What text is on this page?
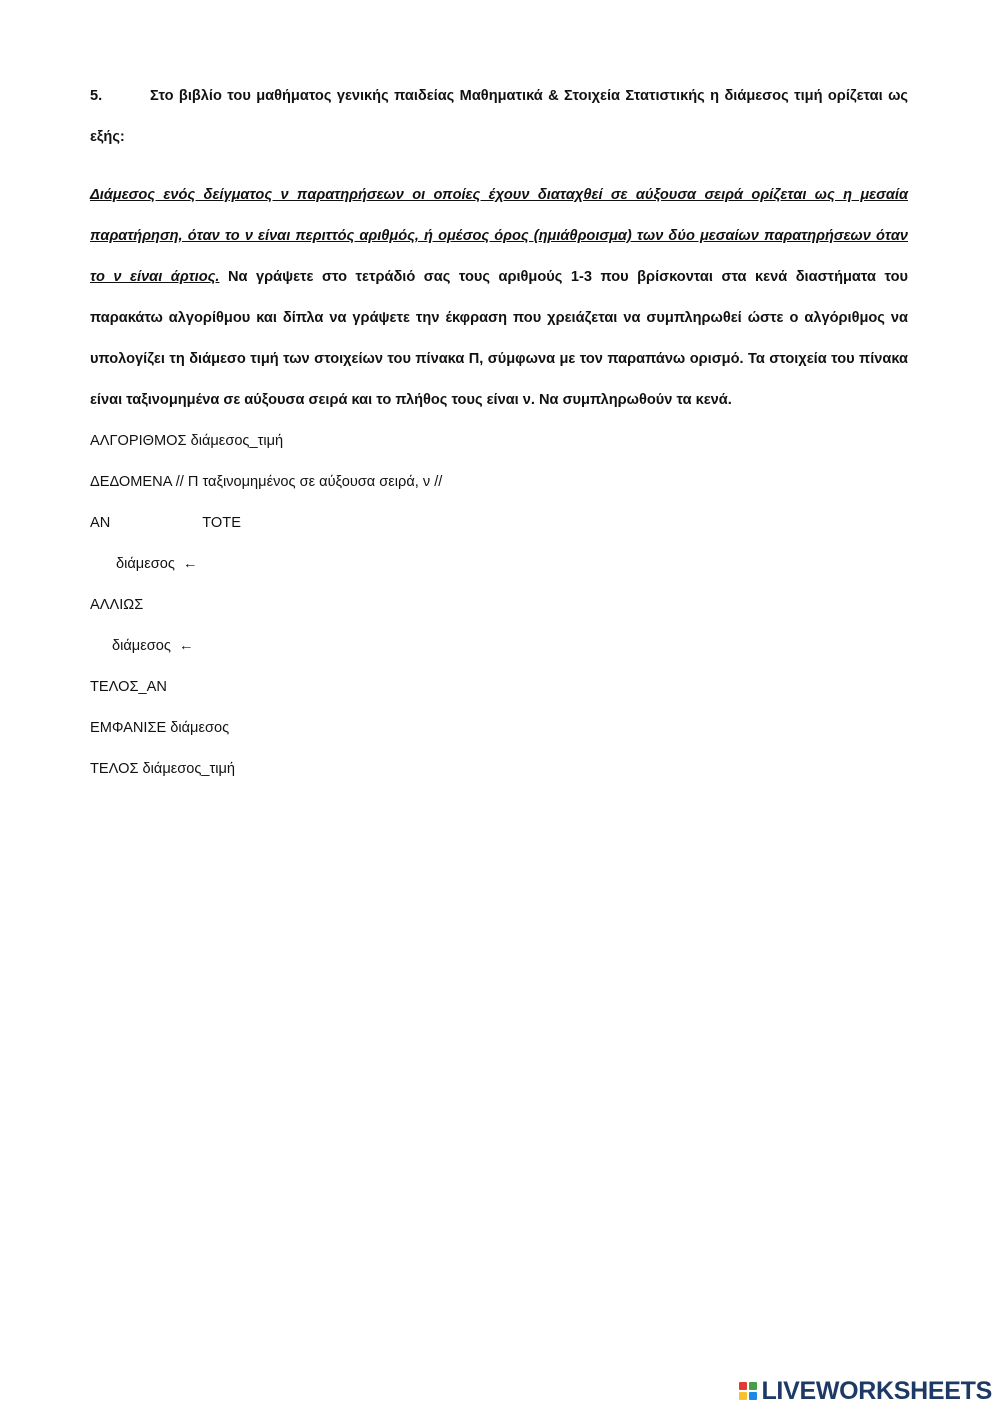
5.	Στο βιβλίο του μαθήματος γενικής παιδείας Μαθηματικά & Στοιχεία Στατιστικής η διάμεσος τιμή ορίζεται ως εξής:
Διάμεσος ενός δείγματος ν παρατηρήσεων οι οποίες έχουν διαταχθεί σε αύξουσα σειρά ορίζεται ως η μεσαία παρατήρηση, όταν το ν είναι περιττός αριθμός, ή ομέσος όρος (ημιάθροισμα) των δύο μεσαίων παρατηρήσεων όταν το ν είναι άρτιος. Να γράψετε στο τετράδιό σας τους αριθμούς 1-3 που βρίσκονται στα κενά διαστήματα του παρακάτω αλγορίθμου και δίπλα να γράψετε την έκφραση που χρειάζεται να συμπληρωθεί ώστε ο αλγόριθμος να υπολογίζει τη διάμεσο τιμή των στοιχείων του πίνακα Π, σύμφωνα με τον παραπάνω ορισμό. Τα στοιχεία του πίνακα είναι ταξινομημένα σε αύξουσα σειρά και το πλήθος τους είναι ν. Να συμπληρωθούν τα κενά.
ΑΛΓΟΡΙΘΜΟΣ διάμεσος_τιμή
ΔΕΔΟΜΕΝΑ // Π ταξινομημένος σε αύξουσα σειρά, ν //
ΑΝ	ΤΟΤΕ
διάμεσος ←
ΑΛΛΙΩΣ
διάμεσος ←
ΤΕΛΟΣ_ΑΝ
ΕΜΦΑΝΙΣΕ διάμεσος
ΤΕΛΟΣ διάμεσος_τιμή
LIVEWORKSHEETS
